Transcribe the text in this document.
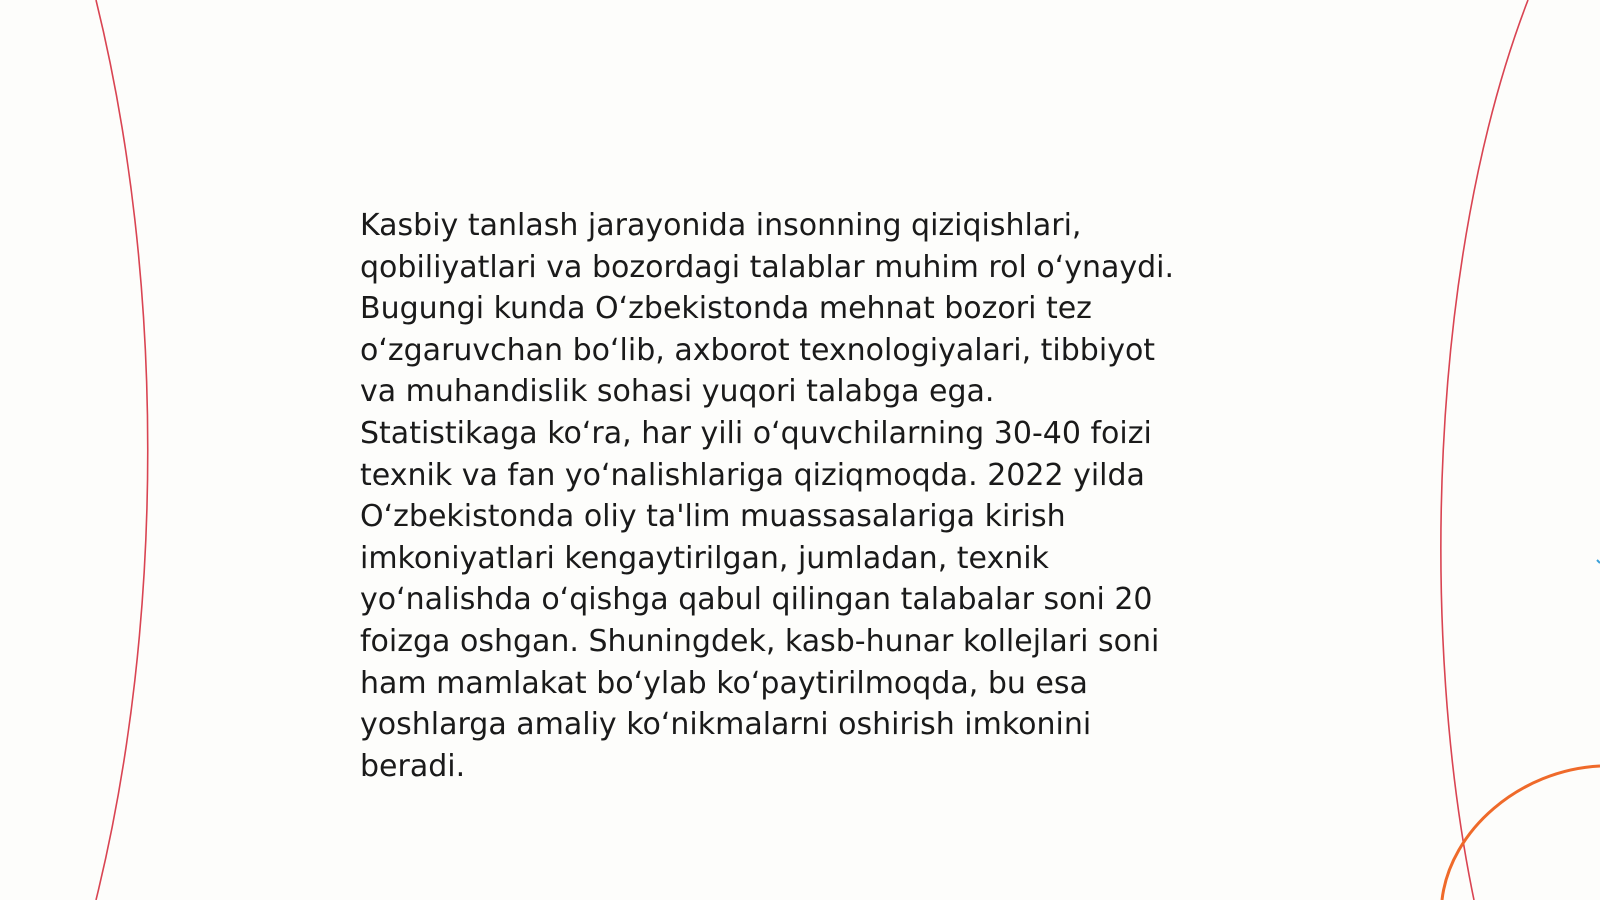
Kasbiy tanlash jarayonida insonning qiziqishlari,
qobiliyatlari va bozordagi talablar muhim rol o‘ynaydi.
Bugungi kunda O‘zbekistonda mehnat bozori tez
o‘zgaruvchan bo‘lib, axborot texnologiyalari, tibbiyot
va muhandislik sohasi yuqori talabga ega.
Statistikaga ko‘ra, har yili o‘quvchilarning 30-40 foizi
texnik va fan yo‘nalishlariga qiziqmoqda. 2022 yilda
O‘zbekistonda oliy ta'lim muassasalariga kirish
imkoniyatlari kengaytirilgan, jumladan, texnik
yo‘nalishda o‘qishga qabul qilingan talabalar soni 20
foizga oshgan. Shuningdek, kasb-hunar kollejlari soni
ham mamlakat bo‘ylab ko‘paytirilmoqda, bu esa
yoshlarga amaliy ko‘nikmalarni oshirish imkonini
beradi.
